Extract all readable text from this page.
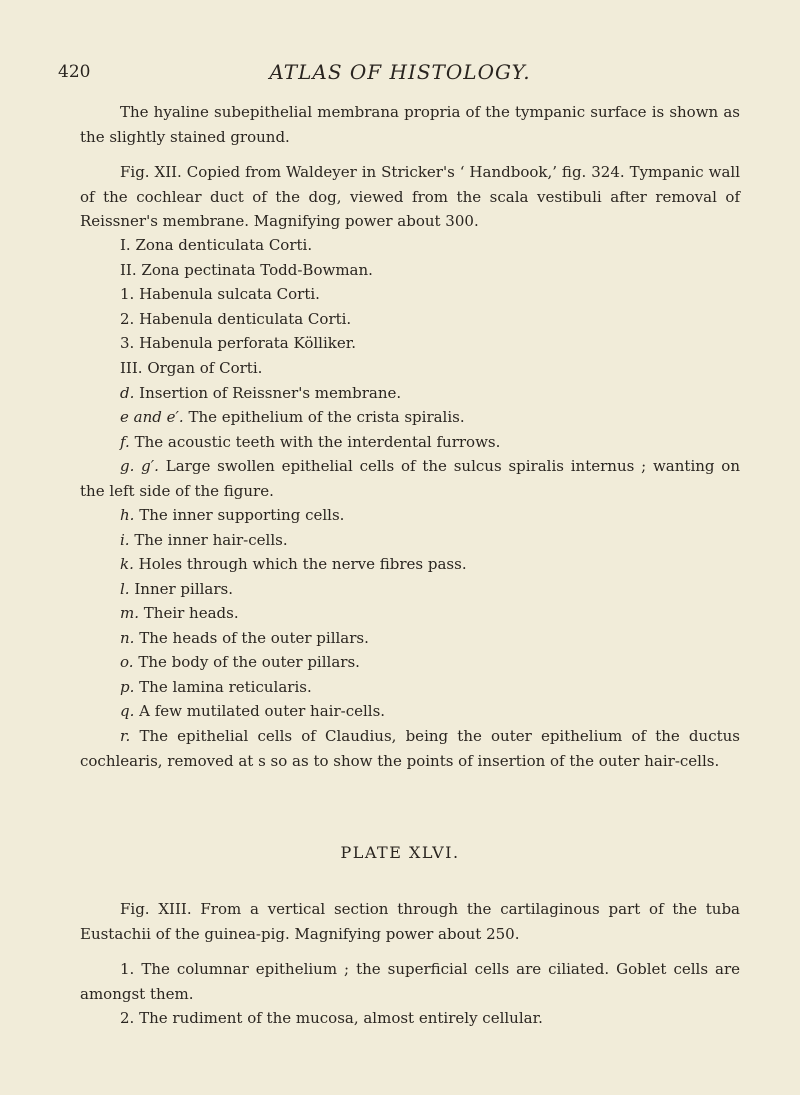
420	ATLAS OF HISTOLOGY.

The hyaline subepithelial membrana propria of the tympanic surface is shown as the slightly stained ground.

Fig. XII. Copied from Waldeyer in Stricker's ‘ Handbook,’ fig. 324. Tympanic wall of the cochlear duct of the dog, viewed from the scala vestibuli after removal of Reissner's membrane. Magnifying power about 300.

I. Zona denticulata Corti.

II. Zona pectinata Todd-Bowman.

1. Habenula sulcata Corti.

2. Habenula denticulata Corti.

3. Habenula perforata Kölliker.

III. Organ of Corti.

d. Insertion of Reissner's membrane.

e and e′. The epithelium of the crista spiralis.

f. The acoustic teeth with the interdental furrows.

g. g′. Large swollen epithelial cells of the sulcus spiralis internus ; wanting on the left side of the figure.

h. The inner supporting cells.

i. The inner hair-cells.

k. Holes through which the nerve fibres pass.

l. Inner pillars.

m. Their heads.

n. The heads of the outer pillars.

o. The body of the outer pillars.

p. The lamina reticularis.

q. A few mutilated outer hair-cells.

r. The epithelial cells of Claudius, being the outer epithelium of the ductus cochlearis, removed at s so as to show the points of insertion of the outer hair-cells.

PLATE XLVI.

Fig. XIII. From a vertical section through the cartilaginous part of the tuba Eustachii of the guinea-pig. Magnifying power about 250.

1. The columnar epithelium ; the superficial cells are ciliated. Goblet cells are amongst them.

2. The rudiment of the mucosa, almost entirely cellular.
